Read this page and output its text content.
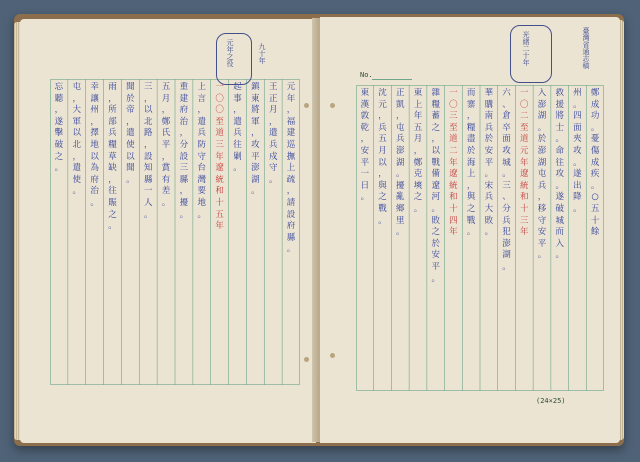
元
年
，
福
建
巡
撫
上
疏
，
請
設
府
縣
。
王
正
月
，
遣
兵
戍
守
。
鎮
東
將
軍
，
攻
平
澎
湖
。
起
事
，
遣
兵
往
剿
。
一
〇
〇
至
道
三
年
遼
統
和
十
五
年
上
言
，
遣
兵
防
守
台
灣
要
地
。
重
建
府
治
，
分
設
三
縣
，
擾
。
五
月
，
鄭
氏
平
，
賞
有
差
。
三
，
以
北
路
，
設
知
縣
一
人
。
聞
於
帝
，
遣
使
以
聞
。
雨
，
所
部
兵
糧
草
缺
，
往
賑
之
。
幸
讓
州
，
擇
地
以
為
府
治
。
屯
，
大
軍
以
北
，
遣
使
。
忘
聽
，
遂
擊
破
之
。
元年之役	九十年
No.
鄭
成
功
。
憂
傷
成
疾
。
○
五
十
餘
州
。
四
面
夾
攻
。
遂
出
降
。
救
援
將
士
。
命
往
攻
。
遂
破
城
而
入
。
入
澎
湖
。
於
澎
湖
屯
兵
，
移
守
安
平
。
一
〇
二
至
道
元
年
遼
統
和
十
三
年
六
、
倉
卒
面
攻
城
。
三
、
分
兵
犯
澎
湖
。
華
購
南
兵
於
安
平
。
宋
兵
大
敗
。
而
寨
，
糧
盡
於
海
上
，
與
之
戰
。
一
〇
三
至
道
二
年
遼
統
和
十
四
年
雜
糧
蓄
之
，
以
戰
備
遼
河
。
敗
之
於
安
平
。
東
上
年
五
月
，
鄭
克
塽
之
。
正
凱
，
屯
兵
澎
湖
。
擾
亂
鄉
里
。
沈
元
，
兵
五
月
以
，
與
之
戰
。
東
漢
敦
乾
，
安
平
一
日
。
光緒二十年	臺灣省通志稿
(24×25)
